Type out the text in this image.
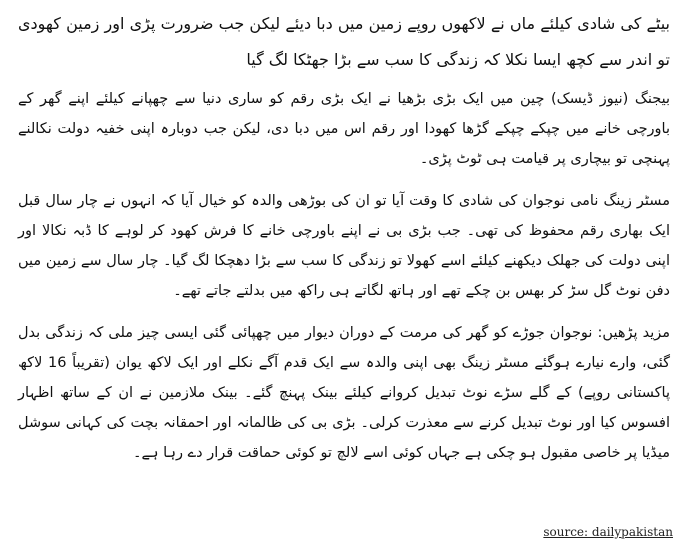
بیٹے کی شادی کیلئے ماں نے لاکھوں روپے زمین میں دبا دیئے لیکن جب ضرورت پڑی اور زمین کھودی تو اندر سے کچھ ایسا نکلا کہ زندگی کا سب سے بڑا جھٹکا لگ گیا

بیجنگ (نیوز ڈیسک) چین میں ایک بڑی بڑھیا نے ایک بڑی رقم کو ساری دنیا سے چھپانے کیلئے اپنے گھر کے باورچی خانے میں چپکے چپکے گڑھا کھودا اور رقم اس میں دبا دی، لیکن جب دوبارہ اپنی خفیہ دولت نکالنے پہنچی تو بیچاری پر قیامت ہی ٹوٹ پڑی۔

مسٹر زینگ نامی نوجوان کی شادی کا وقت آیا تو ان کی بوڑھی والدہ کو خیال آیا کہ انہوں نے چار سال قبل ایک بھاری رقم محفوظ کی تھی۔ جب بڑی بی نے اپنے باورچی خانے کا فرش کھود کر لوہے کا ڈبہ نکالا اور اپنی دولت کی جھلک دیکھنے کیلئے اسے کھولا تو زندگی کا سب سے بڑا دھچکا لگ گیا۔ چار سال سے زمین میں دفن نوٹ گل سڑ کر بھس بن چکے تھے اور ہاتھ لگاتے ہی راکھ میں بدلتے جاتے تھے۔

مزید پڑھیں: نوجوان جوڑے کو گھر کی مرمت کے دوران دیوار میں چھپائی گئی ایسی چیز ملی کہ زندگی بدل گئی، وارے نیارے ہوگئے مسٹر زینگ بھی اپنی والدہ سے ایک قدم آگے نکلے اور ایک لاکھ یوان (تقریباً 16 لاکھ پاکستانی روپے) کے گلے سڑے نوٹ تبدیل کروانے کیلئے بینک پہنچ گئے۔ بینک ملازمین نے ان کے ساتھ اظہار افسوس کیا اور نوٹ تبدیل کرنے سے معذرت کرلی۔ بڑی بی کی ظالمانہ اور احمقانہ بچت کی کہانی سوشل میڈیا پر خاصی مقبول ہو چکی ہے جہاں کوئی اسے لالچ تو کوئی حماقت قرار دے رہا ہے۔

source: dailypakistan
